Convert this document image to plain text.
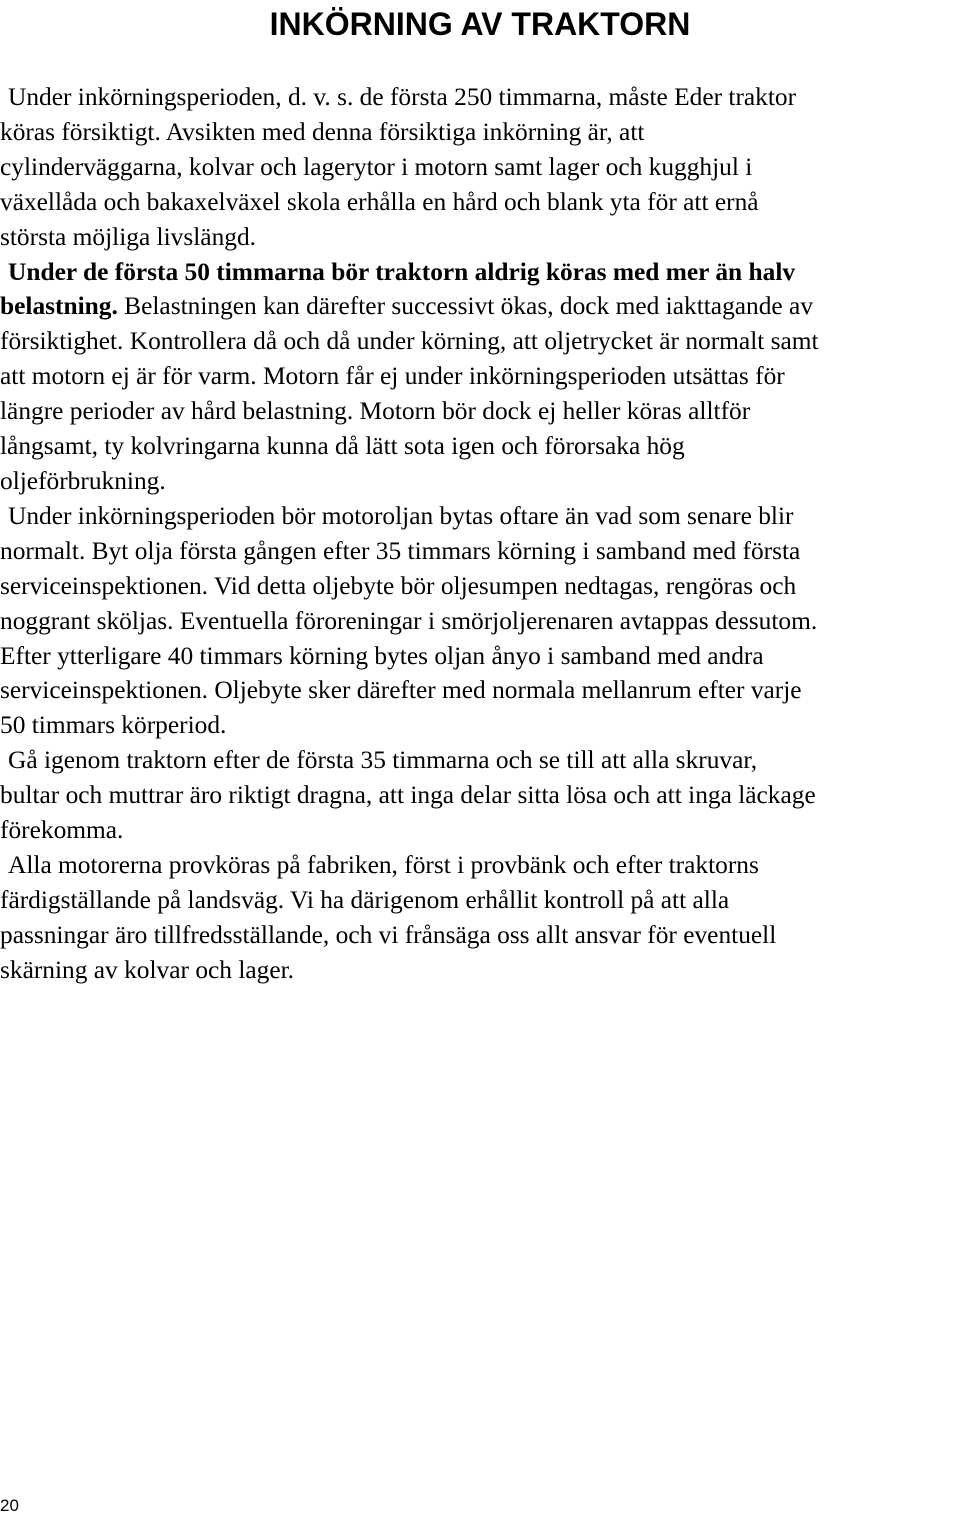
INKÖRNING AV TRAKTORN
Under inkörningsperioden, d. v. s. de första 250 timmarna, måste Eder traktor
köras försiktigt. Avsikten med denna försiktiga inkörning är, att
cylinderväggarna, kolvar och lagerytor i motorn samt lager och kugghjul i
växellåda och bakaxelväxel skola erhålla en hård och blank yta för att ernå
största möjliga livslängd.
Under de första 50 timmarna bör traktorn aldrig köras med mer än halv
belastning. Belastningen kan därefter successivt ökas, dock med iakttagande av
försiktighet. Kontrollera då och då under körning, att oljetrycket är normalt samt
att motorn ej är för varm. Motorn får ej under inkörningsperioden utsättas för
längre perioder av hård belastning. Motorn bör dock ej heller köras alltför
långsamt, ty kolvringarna kunna då lätt sota igen och förorsaka hög
oljeförbrukning.
Under inkörningsperioden bör motoroljan bytas oftare än vad som senare blir
normalt. Byt olja första gången efter 35 timmars körning i samband med första
serviceinspektionen. Vid detta oljebyte bör oljesumpen nedtagas, rengöras och
noggrant sköljas. Eventuella föroreningar i smörjoljerenaren avtappas dessutom.
Efter ytterligare 40 timmars körning bytes oljan ånyo i samband med andra
serviceinspektionen. Oljebyte sker därefter med normala mellanrum efter varje
50 timmars körperiod.
Gå igenom traktorn efter de första 35 timmarna och se till att alla skruvar,
bultar och muttrar äro riktigt dragna, att inga delar sitta lösa och att inga läckage
förekomma.
Alla motorerna provköras på fabriken, först i provbänk och efter traktorns
färdigställande på landsväg. Vi ha därigenom erhållit kontroll på att alla
passningar äro tillfredsställande, och vi frånsäga oss allt ansvar för eventuell
skärning av kolvar och lager.
20
